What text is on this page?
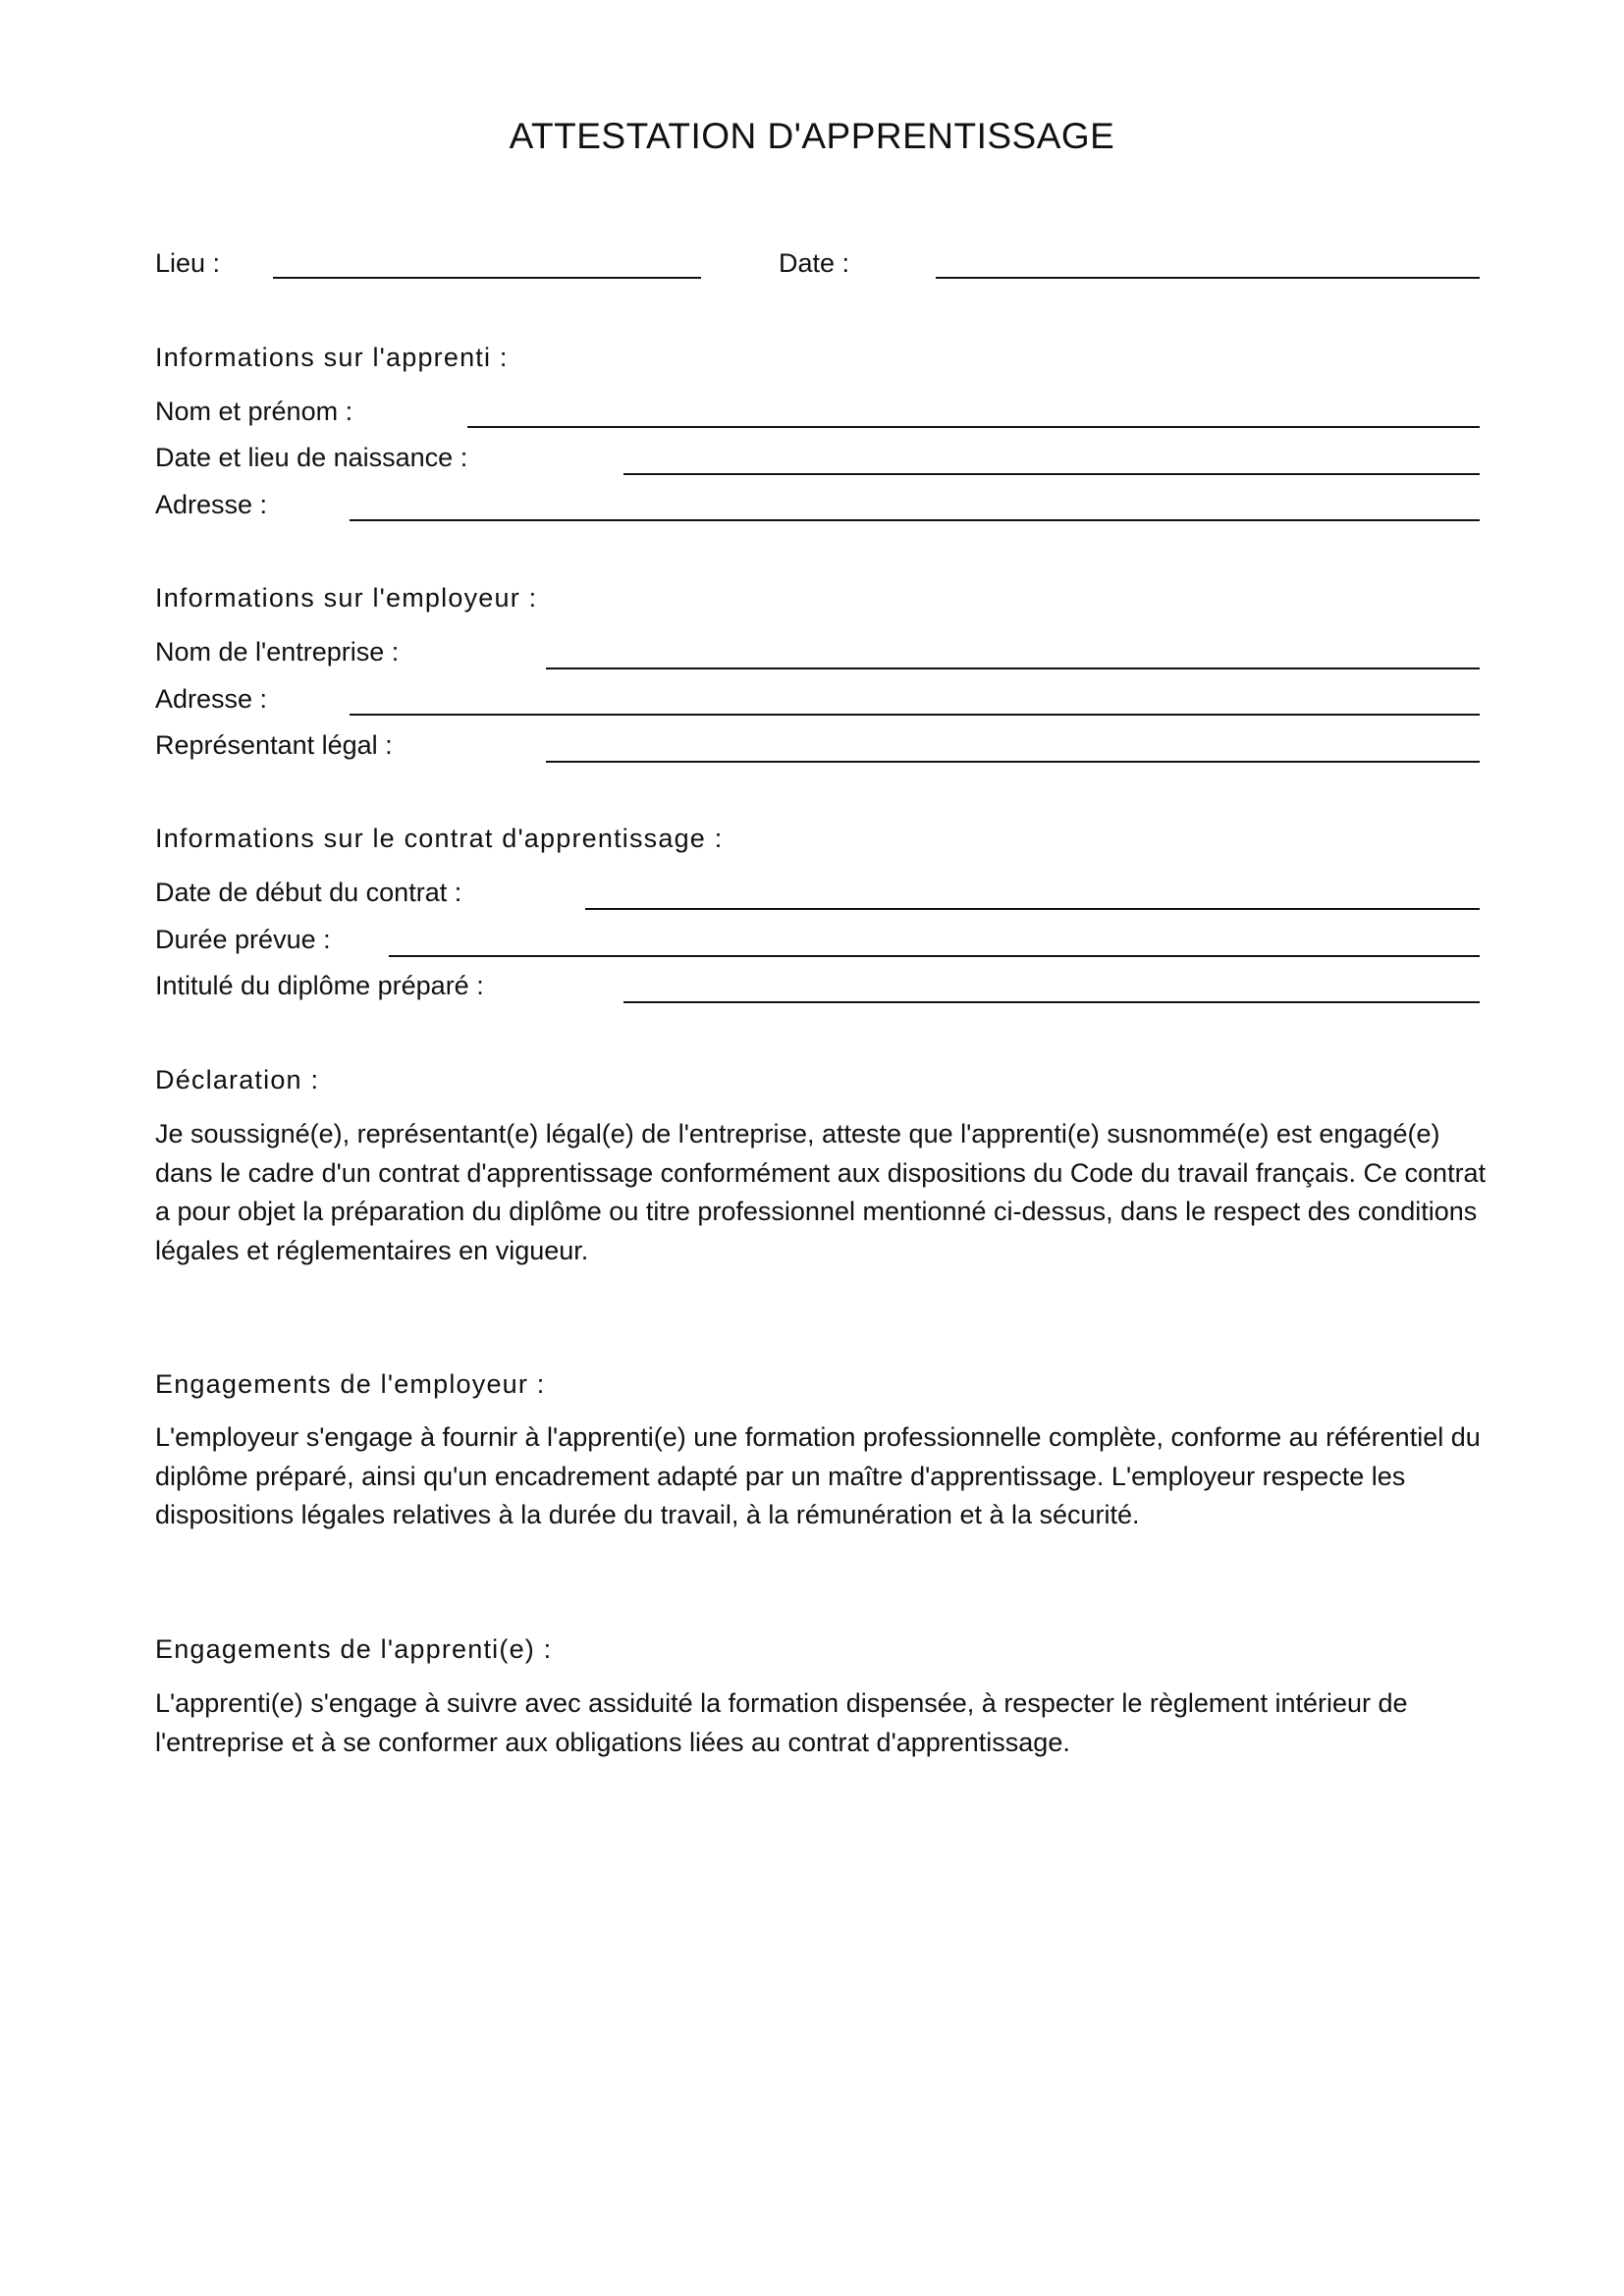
ATTESTATION D'APPRENTISSAGE
Lieu :	Date :
Informations sur l'apprenti :
Nom et prénom :
Date et lieu de naissance :
Adresse :
Informations sur l'employeur :
Nom de l'entreprise :
Adresse :
Représentant légal :
Informations sur le contrat d'apprentissage :
Date de début du contrat :
Durée prévue :
Intitulé du diplôme préparé :
Déclaration :

Je soussigné(e), représentant(e) légal(e) de l'entreprise, atteste que l'apprenti(e) susnommé(e) est engagé(e) dans le cadre d'un contrat d'apprentissage conformément aux dispositions du Code du travail français. Ce contrat a pour objet la préparation du diplôme ou titre professionnel mentionné ci-dessus, dans le respect des conditions légales et réglementaires en vigueur.

Engagements de l'employeur :

L'employeur s'engage à fournir à l'apprenti(e) une formation professionnelle complète, conforme au référentiel du diplôme préparé, ainsi qu'un encadrement adapté par un maître d'apprentissage. L'employeur respecte les dispositions légales relatives à la durée du travail, à la rémunération et à la sécurité.

Engagements de l'apprenti(e) :

L'apprenti(e) s'engage à suivre avec assiduité la formation dispensée, à respecter le règlement intérieur de l'entreprise et à se conformer aux obligations liées au contrat d'apprentissage.
